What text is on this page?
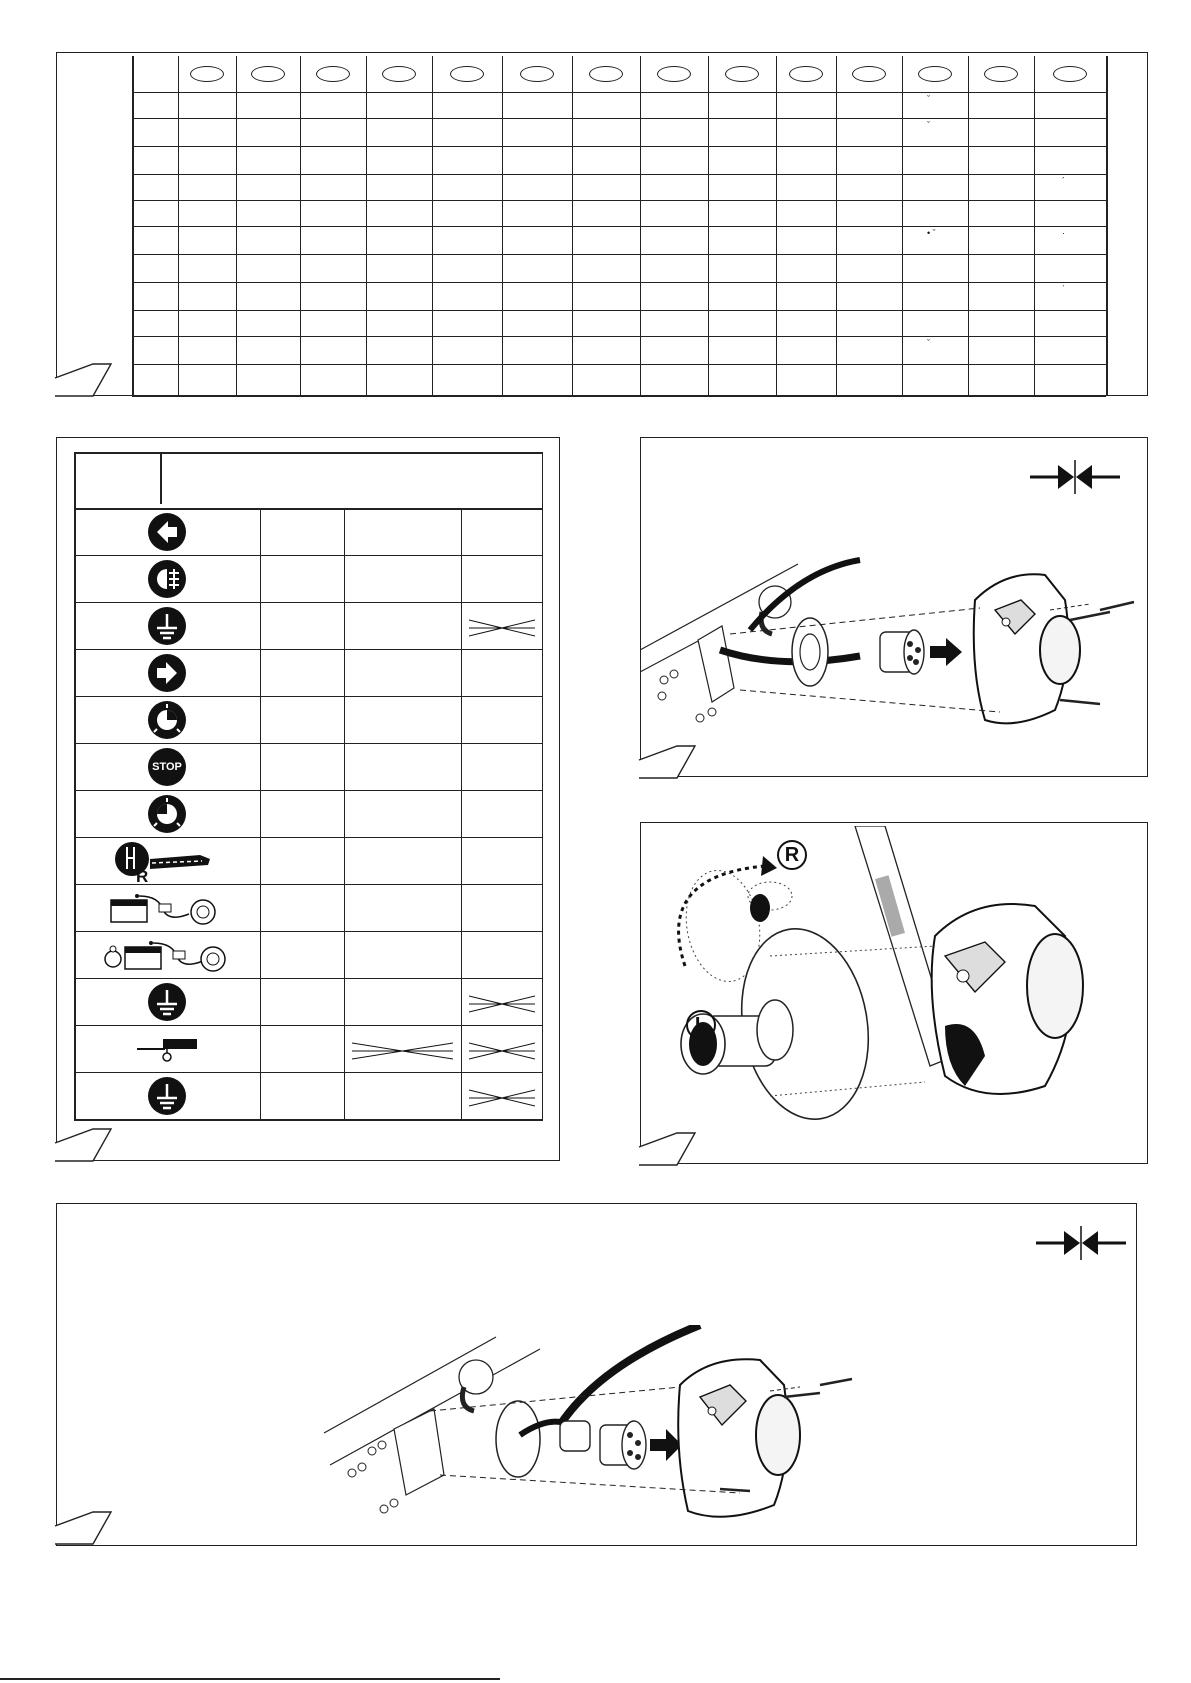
ˇ
ˇ
´
• ˇ	·
ˋ
ˇ
STOP
R
R
L
